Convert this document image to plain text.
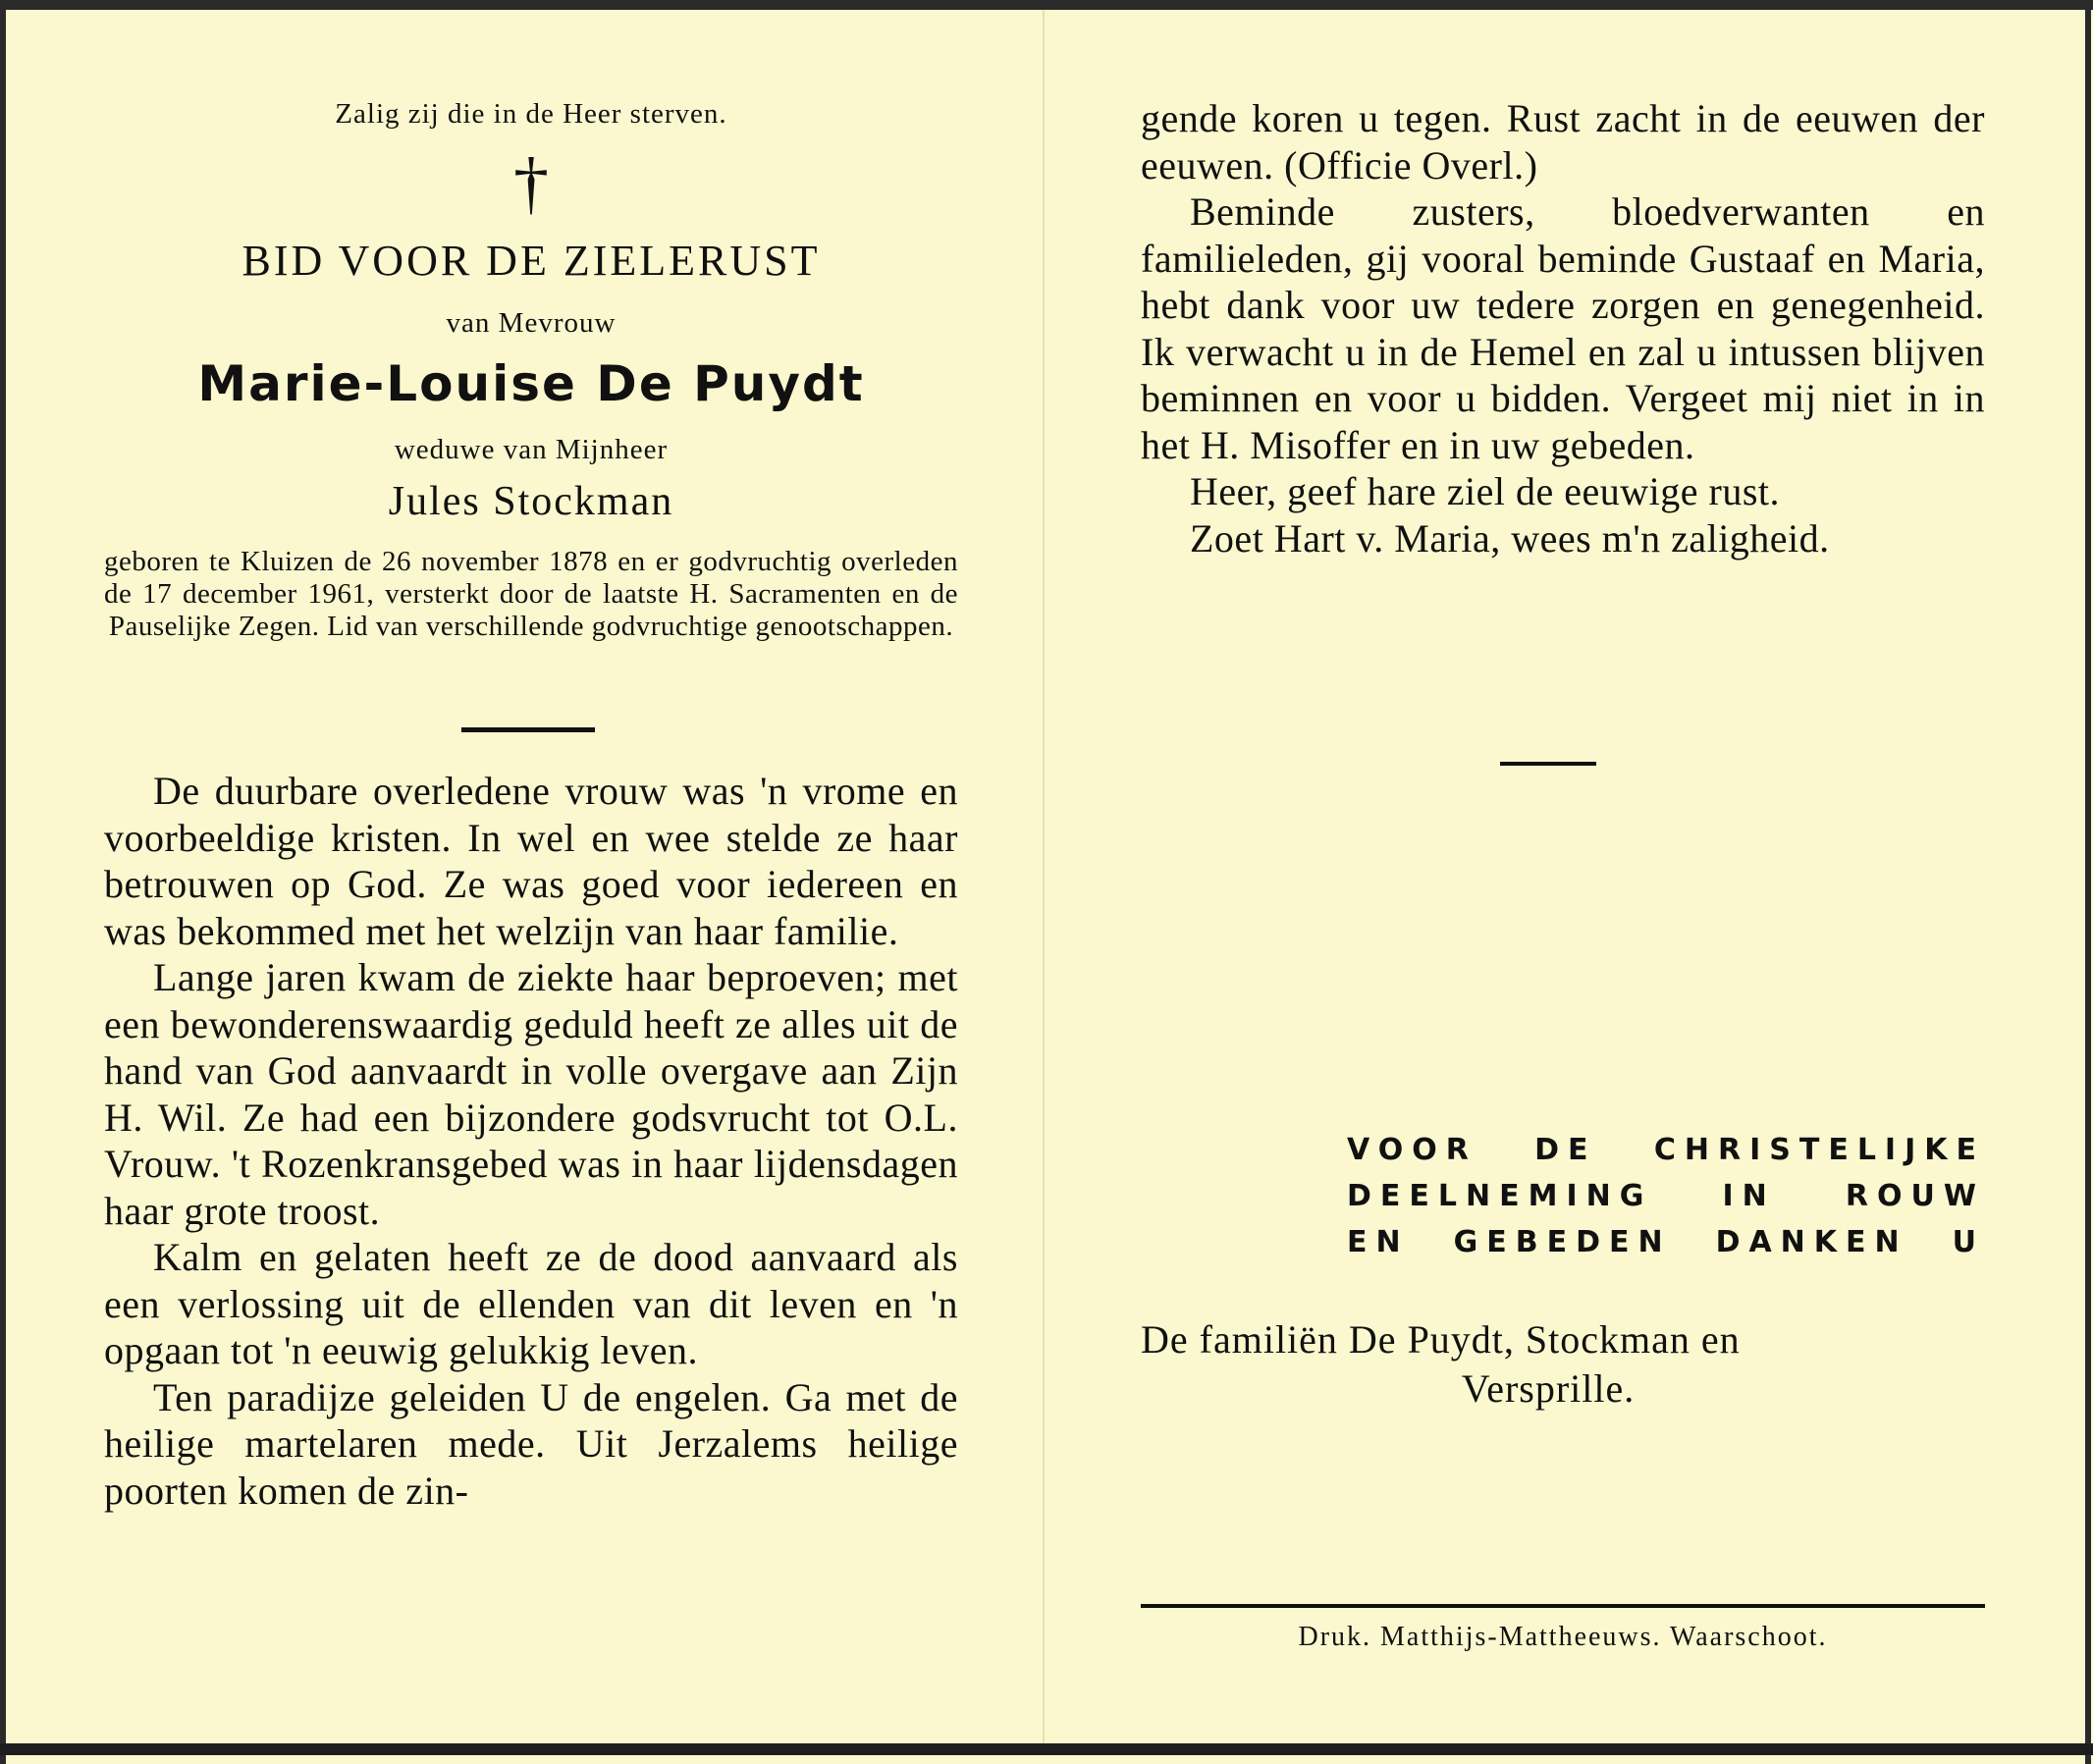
Zalig zij die in de Heer sterven.
†
BID VOOR DE ZIELERUST
van Mevrouw
Marie-Louise De Puydt
weduwe van Mijnheer
Jules Stockman
geboren te Kluizen de 26 november 1878 en er godvruchtig overleden de 17 december 1961, versterkt door de laatste H. Sacramenten en de Pauselijke Zegen. Lid van verschillende godvruchtige genootschappen.

De duurbare overledene vrouw was 'n vrome en voorbeeldige kristen. In wel en wee stelde ze haar betrouwen op God. Ze was goed voor iedereen en was bekommed met het welzijn van haar familie.

Lange jaren kwam de ziekte haar beproeven; met een bewonderenswaardig geduld heeft ze alles uit de hand van God aanvaardt in volle overgave aan Zijn H. Wil. Ze had een bijzondere godsvrucht tot O.L. Vrouw. 't Rozenkransgebed was in haar lijdensdagen haar grote troost.

Kalm en gelaten heeft ze de dood aanvaard als een verlossing uit de ellenden van dit leven en 'n opgaan tot 'n eeuwig gelukkig leven.

Ten paradijze geleiden U de engelen. Ga met de heilige martelaren mede. Uit Jerzalems heilige poorten komen de zin-

gende koren u tegen. Rust zacht in de eeuwen der eeuwen. (Officie Overl.)

Beminde zusters, bloedverwanten en familieleden, gij vooral beminde Gustaaf en Maria, hebt dank voor uw tedere zorgen en genegenheid. Ik verwacht u in de Hemel en zal u intussen blijven beminnen en voor u bidden. Vergeet mij niet in in het H. Misoffer en in uw gebeden.

Heer, geef hare ziel de eeuwige rust.

Zoet Hart v. Maria, wees m'n zaligheid.

VOOR DE CHRISTELIJKE
DEELNEMING IN ROUW
EN GEBEDEN DANKEN U
De familiën De Puydt, Stockman en
Versprille.
Druk. Matthijs-Mattheeuws. Waarschoot.
